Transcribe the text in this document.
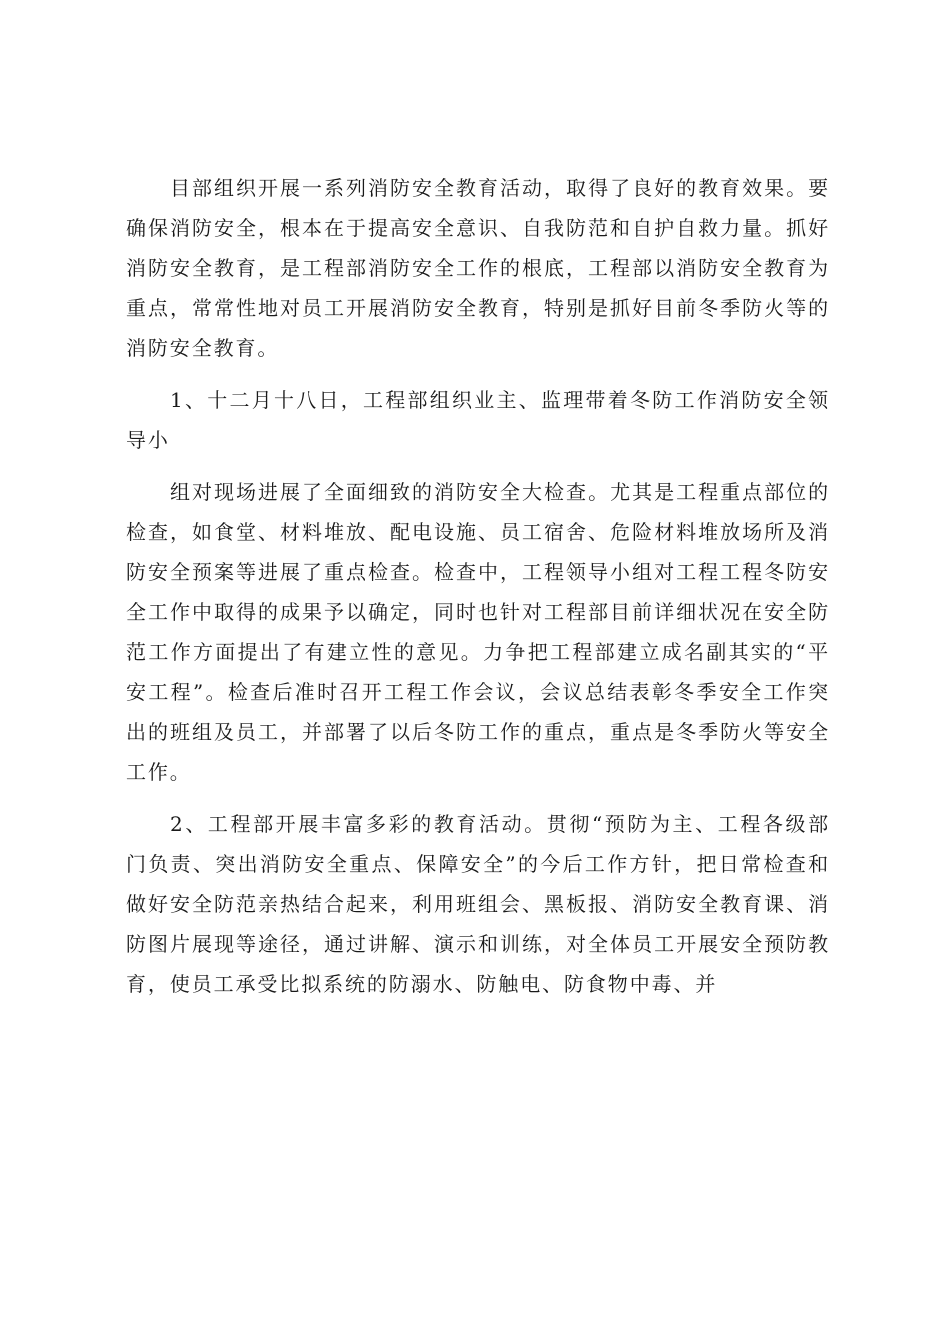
目部组织开展一系列消防安全教育活动，取得了良好的教育效果。要确保消防安全，根本在于提高安全意识、自我防范和自护自救力量。抓好消防安全教育，是工程部消防安全工作的根底，工程部以消防安全教育为重点，常常性地对员工开展消防安全教育，特别是抓好目前冬季防火等的消防安全教育。

1、十二月十八日，工程部组织业主、监理带着冬防工作消防安全领导小

组对现场进展了全面细致的消防安全大检查。尤其是工程重点部位的检查，如食堂、材料堆放、配电设施、员工宿舍、危险材料堆放场所及消防安全预案等进展了重点检查。检查中，工程领导小组对工程工程冬防安全工作中取得的成果予以确定，同时也针对工程部目前详细状况在安全防范工作方面提出了有建立性的意见。力争把工程部建立成名副其实的“平安工程”。检查后准时召开工程工作会议，会议总结表彰冬季安全工作突出的班组及员工，并部署了以后冬防工作的重点，重点是冬季防火等安全工作。

2、工程部开展丰富多彩的教育活动。贯彻“预防为主、工程各级部门负责、突出消防安全重点、保障安全”的今后工作方针，把日常检查和做好安全防范亲热结合起来，利用班组会、黑板报、消防安全教育课、消防图片展现等途径，通过讲解、演示和训练，对全体员工开展安全预防教育，使员工承受比拟系统的防溺水、防触电、防食物中毒、并
